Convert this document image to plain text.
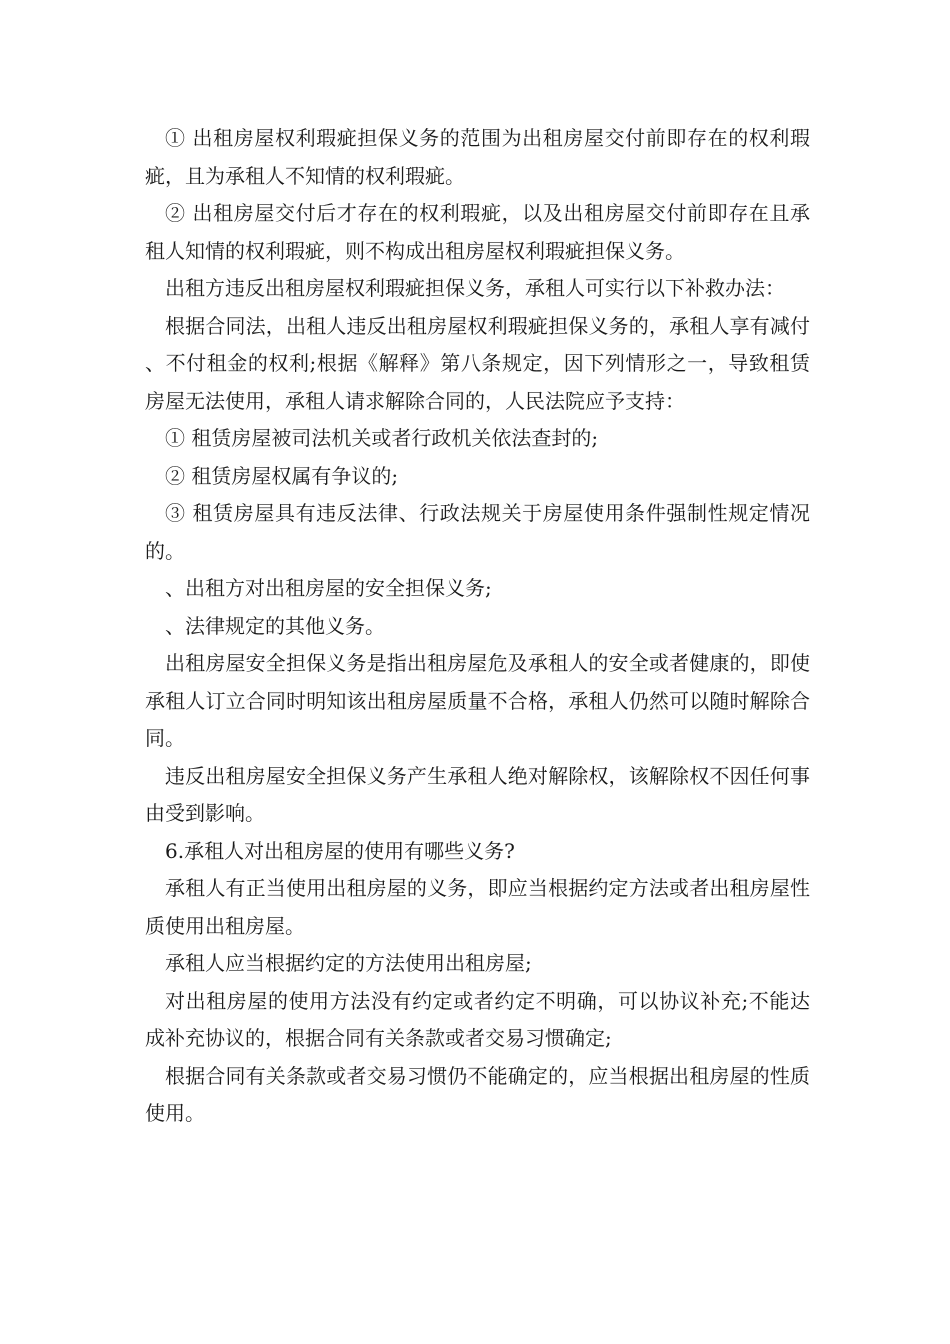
① 出租房屋权利瑕疵担保义务的范围为出租房屋交付前即存在的权利瑕疵，且为承租人不知情的权利瑕疵。

② 出租房屋交付后才存在的权利瑕疵，以及出租房屋交付前即存在且承租人知情的权利瑕疵，则不构成出租房屋权利瑕疵担保义务。

出租方违反出租房屋权利瑕疵担保义务，承租人可实行以下补救办法：

根据合同法，出租人违反出租房屋权利瑕疵担保义务的，承租人享有减付、不付租金的权利;根据《解释》第八条规定，因下列情形之一，导致租赁房屋无法使用，承租人请求解除合同的，人民法院应予支持：

① 租赁房屋被司法机关或者行政机关依法查封的;

② 租赁房屋权属有争议的;

③ 租赁房屋具有违反法律、行政法规关于房屋使用条件强制性规定情况的。

、出租方对出租房屋的安全担保义务;

、法律规定的其他义务。

出租房屋安全担保义务是指出租房屋危及承租人的安全或者健康的，即使承租人订立合同时明知该出租房屋质量不合格，承租人仍然可以随时解除合同。

违反出租房屋安全担保义务产生承租人绝对解除权，该解除权不因任何事由受到影响。

6.承租人对出租房屋的使用有哪些义务?

承租人有正当使用出租房屋的义务，即应当根据约定方法或者出租房屋性质使用出租房屋。

承租人应当根据约定的方法使用出租房屋;

对出租房屋的使用方法没有约定或者约定不明确，可以协议补充;不能达成补充协议的，根据合同有关条款或者交易习惯确定;

根据合同有关条款或者交易习惯仍不能确定的，应当根据出租房屋的性质使用。
